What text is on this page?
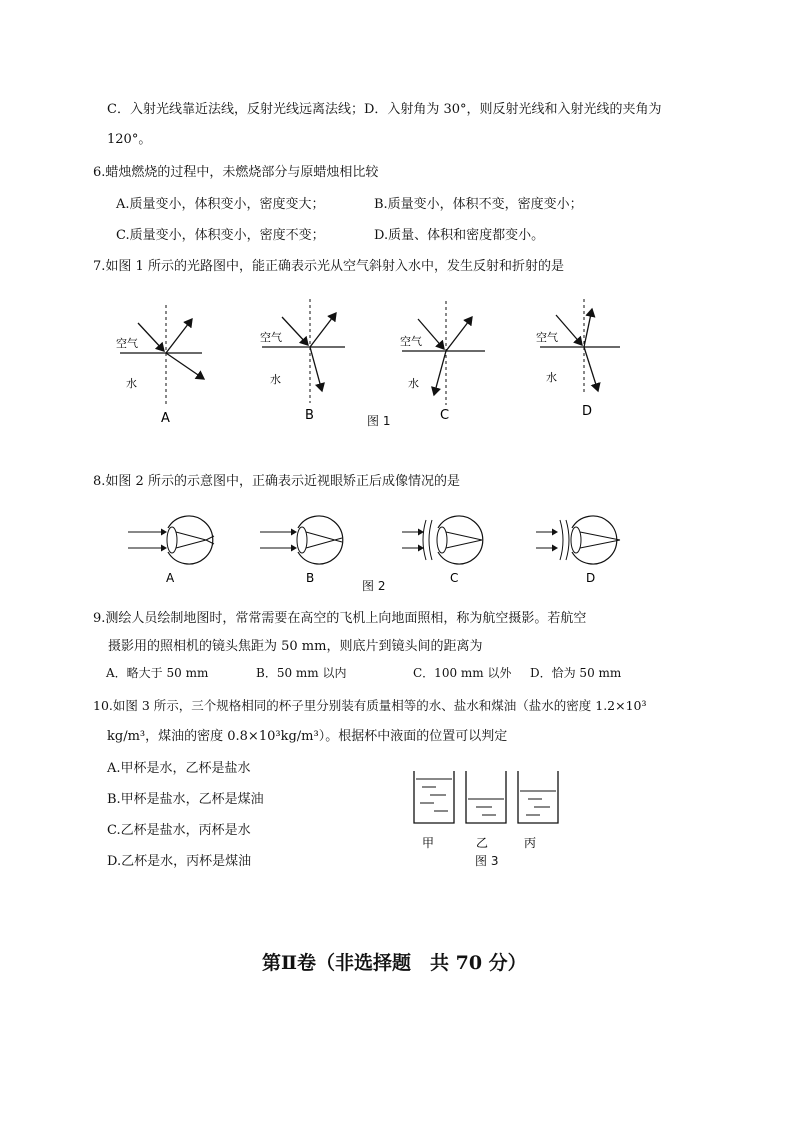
C．入射光线靠近法线，反射光线远离法线；D．入射角为 30°，则反射光线和入射光线的夹角为
120°。
6.蜡烛燃烧的过程中，未燃烧部分与原蜡烛相比较
A.质量变小，体积变小，密度变大；	B.质量变小，体积不变，密度变小；
C.质量变小，体积变小，密度不变；	D.质量、体积和密度都变小。
7.如图 1 所示的光路图中，能正确表示光从空气斜射入水中，发生反射和折射的是
空气
水
A
空气
水
B
空气
水
C
空气
水
D
图 1
8.如图 2 所示的示意图中，正确表示近视眼矫正后成像情况的是
A	B	C	D
图 2
9.测绘人员绘制地图时，常常需要在高空的飞机上向地面照相，称为航空摄影。若航空
摄影用的照相机的镜头焦距为 50 mm，则底片到镜头间的距离为
A．略大于 50 mm	B．50 mm 以内	C．100 mm 以外 D．恰为 50 mm
10.如图 3 所示，三个规格相同的杯子里分别装有质量相等的水、盐水和煤油（盐水的密度 1.2×10³
kg/m³，煤油的密度 0.8×10³kg/m³）。根据杯中液面的位置可以判定
A.甲杯是水，乙杯是盐水
B.甲杯是盐水，乙杯是煤油
C.乙杯是盐水，丙杯是水
D.乙杯是水，丙杯是煤油
甲	乙	丙
图 3
第Ⅱ卷（非选择题　共 70 分）
